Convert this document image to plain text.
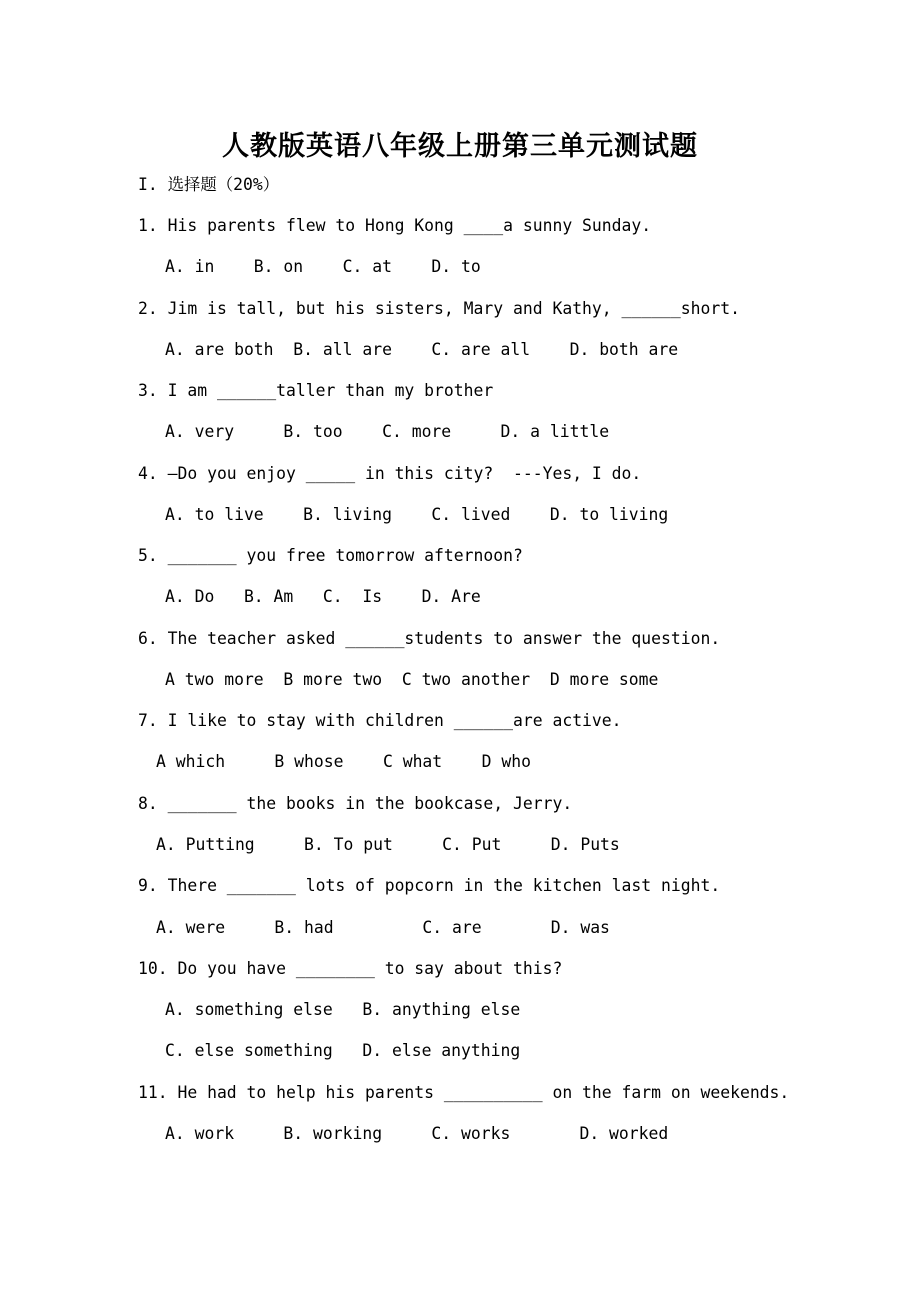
人教版英语八年级上册第三单元测试题
I. 选择题（20%）
1. His parents flew to Hong Kong ____a sunny Sunday.
A. in    B. on    C. at    D. to
2. Jim is tall, but his sisters, Mary and Kathy, ______short.
A. are both  B. all are    C. are all    D. both are
3. I am ______taller than my brother
A. very     B. too    C. more     D. a little
4. –Do you enjoy _____ in this city?  ---Yes, I do.
A. to live    B. living    C. lived    D. to living
5. _______ you free tomorrow afternoon?
A. Do   B. Am   C.  Is    D. Are
6. The teacher asked ______students to answer the question.
A two more  B more two  C two another  D more some
7. I like to stay with children ______are active.
A which     B whose    C what    D who
8. _______ the books in the bookcase, Jerry.
A. Putting     B. To put     C. Put     D. Puts
9. There _______ lots of popcorn in the kitchen last night.
A. were     B. had         C. are       D. was
10. Do you have ________ to say about this?
A. something else   B. anything else
C. else something   D. else anything
11. He had to help his parents __________ on the farm on weekends.
A. work     B. working     C. works       D. worked
